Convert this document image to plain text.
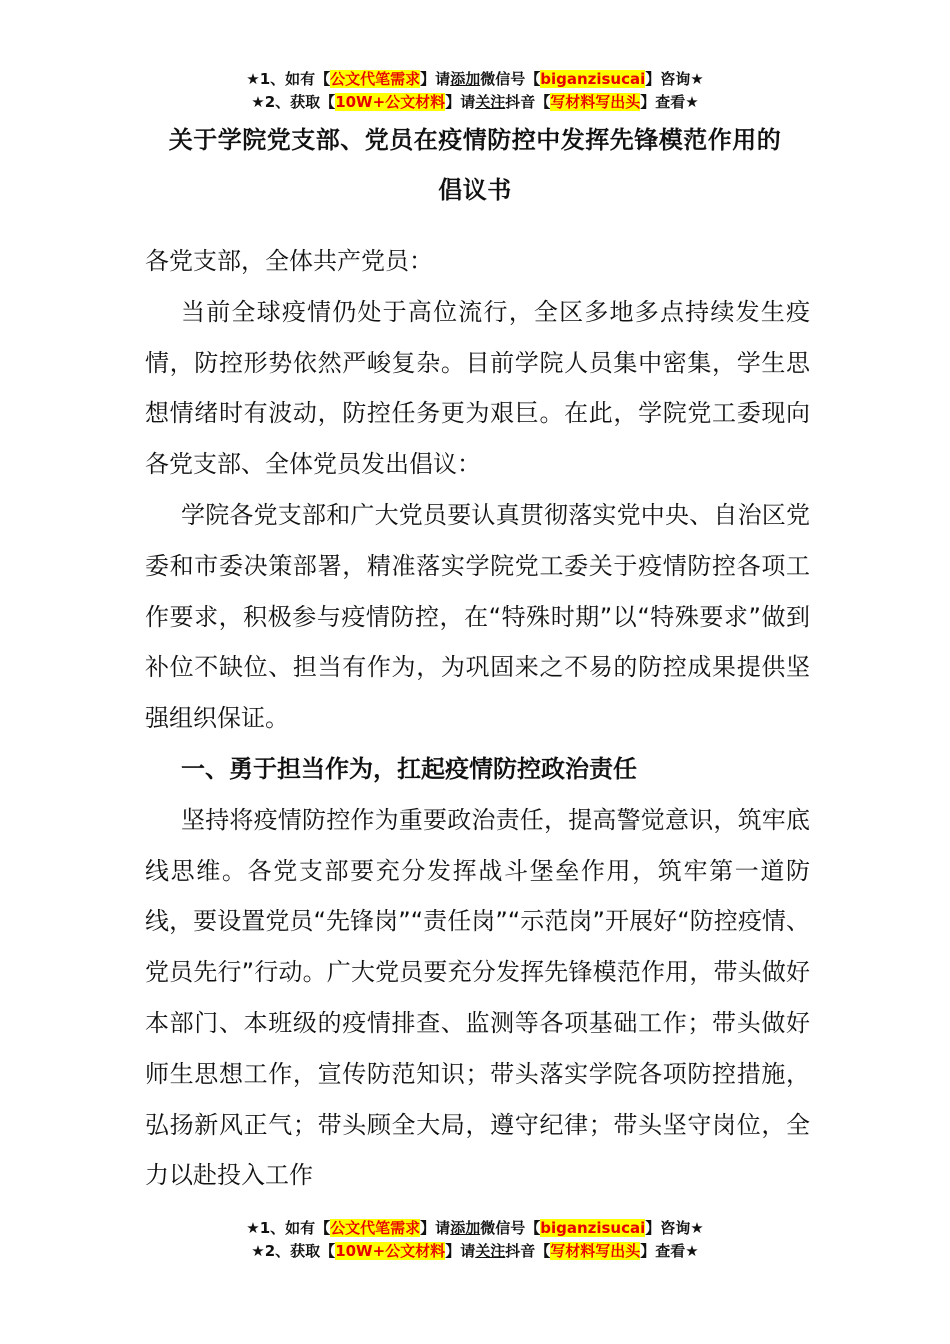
★1、如有【公文代笔需求】请添加微信号【biganzisucai】咨询★
★2、获取【10W+公文材料】请关注抖音【写材料写出头】查看★
关于学院党支部、党员在疫情防控中发挥先锋模范作用的
倡议书

各党支部，全体共产党员：

当前全球疫情仍处于高位流行，全区多地多点持续发生疫情，防控形势依然严峻复杂。目前学院人员集中密集，学生思想情绪时有波动，防控任务更为艰巨。在此，学院党工委现向各党支部、全体党员发出倡议：

学院各党支部和广大党员要认真贯彻落实党中央、自治区党委和市委决策部署，精准落实学院党工委关于疫情防控各项工作要求，积极参与疫情防控，在“特殊时期”以“特殊要求”做到补位不缺位、担当有作为，为巩固来之不易的防控成果提供坚强组织保证。

一、勇于担当作为，扛起疫情防控政治责任

坚持将疫情防控作为重要政治责任，提高警觉意识，筑牢底线思维。各党支部要充分发挥战斗堡垒作用，筑牢第一道防线，要设置党员“先锋岗”“责任岗”“示范岗”开展好“防控疫情、党员先行”行动。广大党员要充分发挥先锋模范作用，带头做好本部门、本班级的疫情排查、监测等各项基础工作；带头做好师生思想工作，宣传防范知识；带头落实学院各项防控措施，弘扬新风正气；带头顾全大局，遵守纪律；带头坚守岗位，全力以赴投入工作

★1、如有【公文代笔需求】请添加微信号【biganzisucai】咨询★
★2、获取【10W+公文材料】请关注抖音【写材料写出头】查看★
